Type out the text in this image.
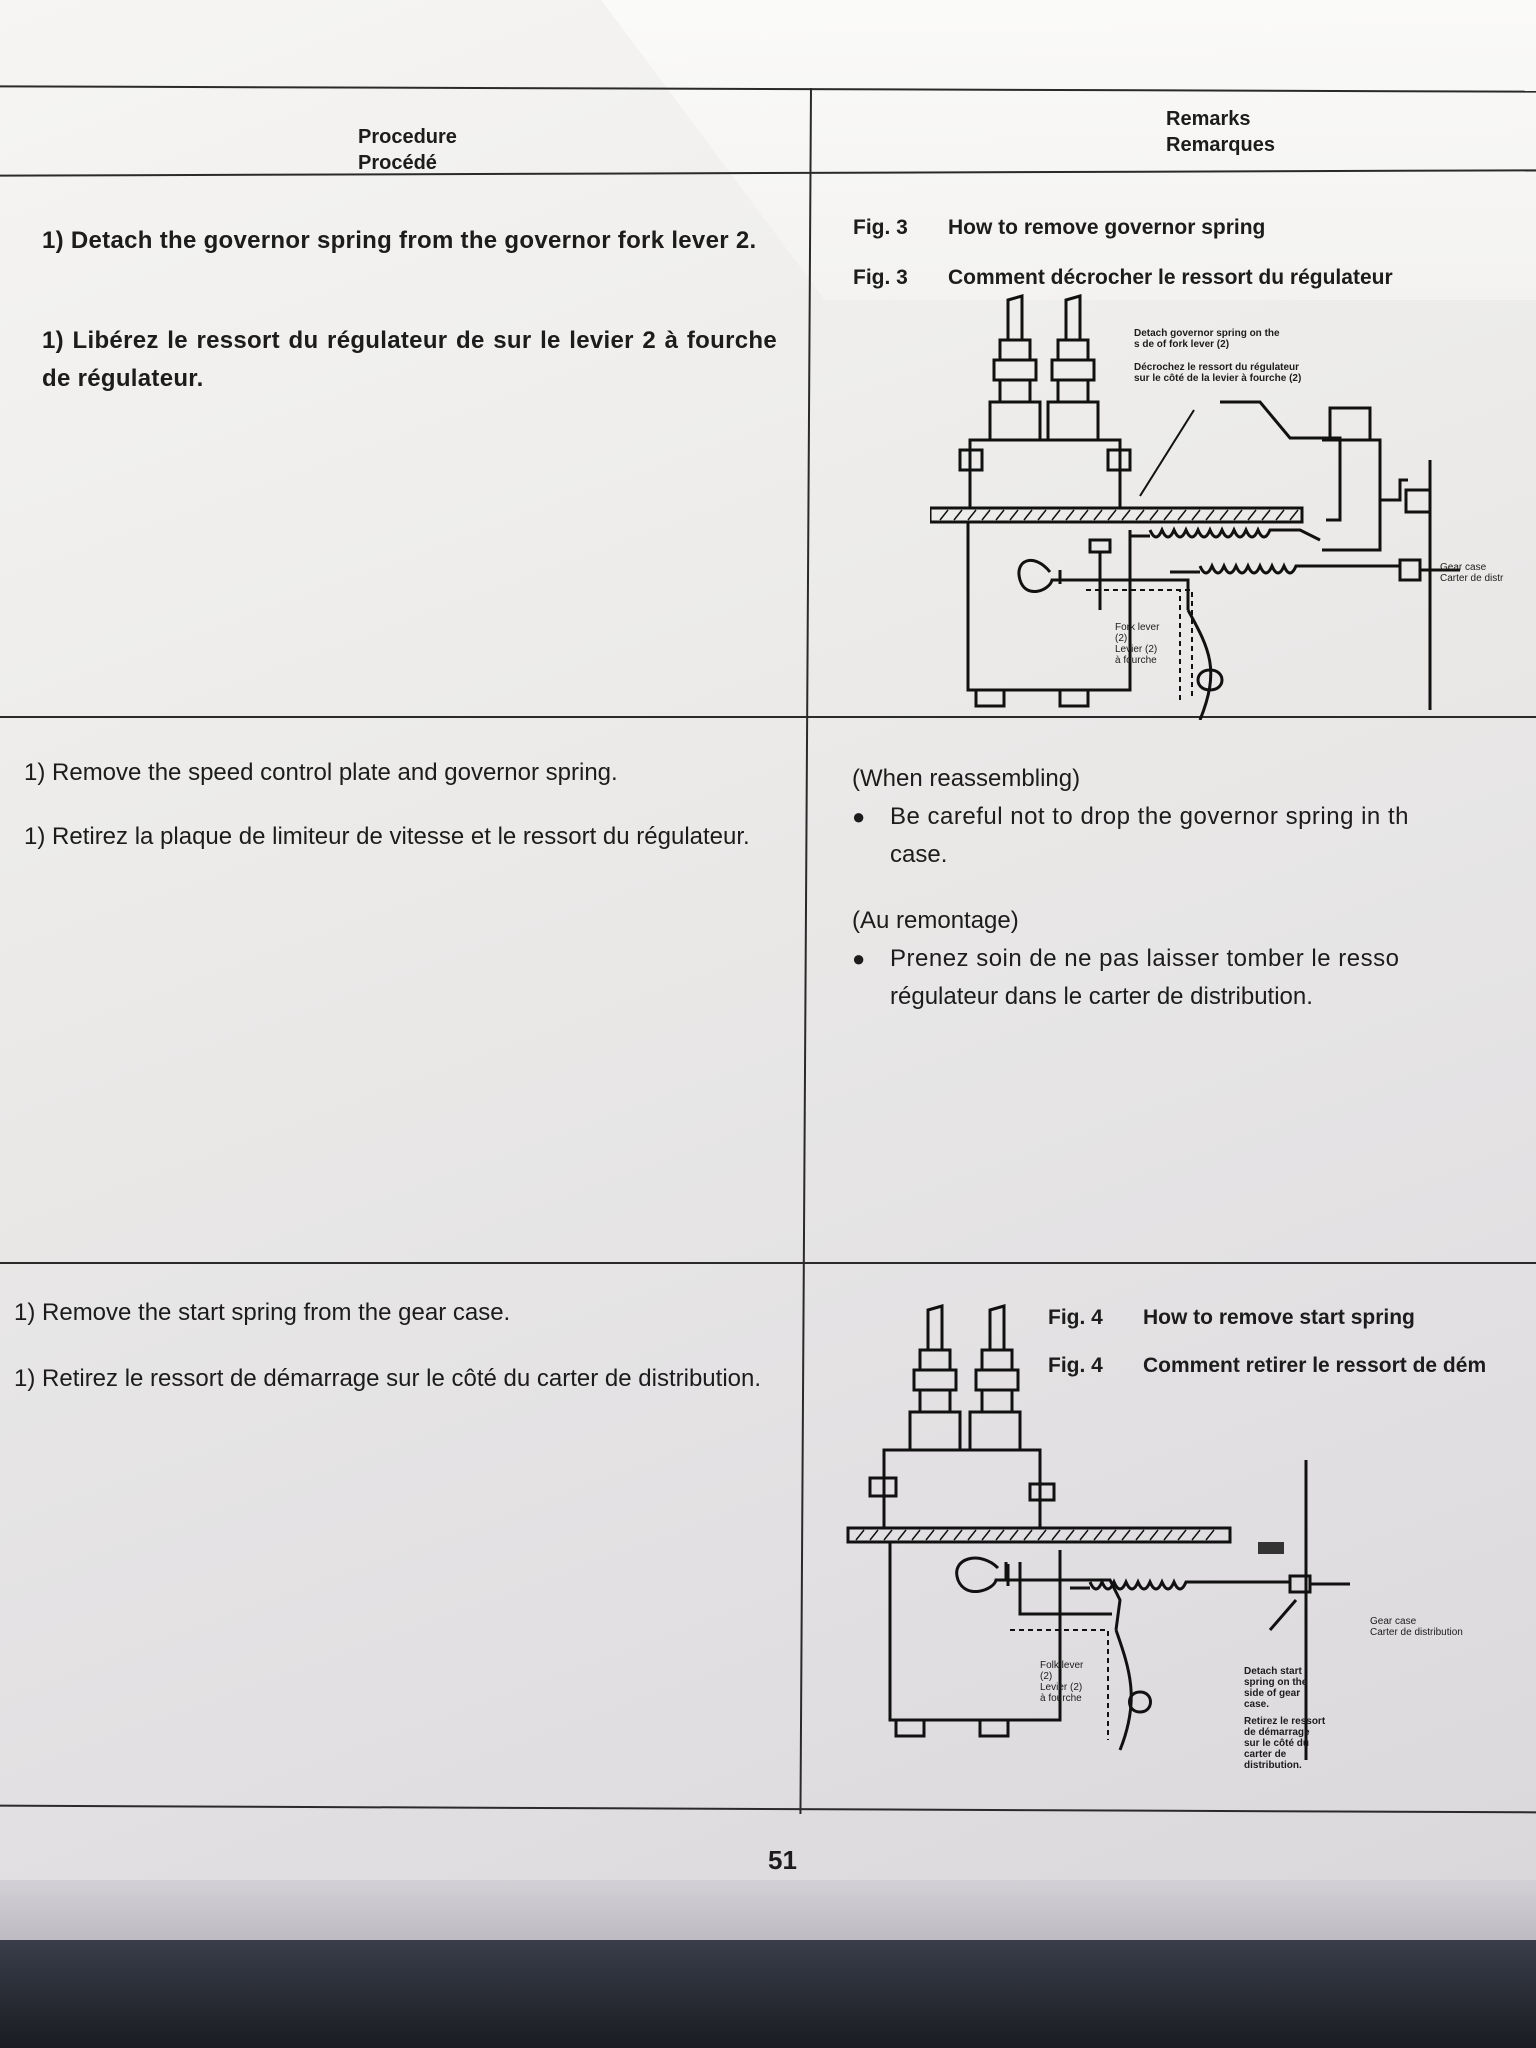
Procedure
Procédé
Remarks
Remarques
1) Detach the governor spring from the governor fork lever 2.
1) Libérez le ressort du régulateur de sur le levier 2 à fourche de régulateur.
Fig. 3 How to remove governor spring
Fig. 3 Comment décrocher le ressort du régulateur
Detach governor spring on the
s de of fork lever (2)
Décrochez le ressort du régulateur
sur le côté de la levier à fourche (2)
Gear case
Carter de distr
Fork lever
(2)
Levier (2)
à fourche
1) Remove the speed control plate and governor spring.
1) Retirez la plaque de limiteur de vitesse et le ressort du régulateur.
(When reassembling)
●	Be careful not to drop the governor spring in th
case.
(Au remontage)
●	Prenez soin de ne pas laisser tomber le resso
régulateur dans le carter de distribution.
1) Remove the start spring from the gear case.
1) Retirez le ressort de démarrage sur le côté du carter de distribution.
Fig. 4 How to remove start spring
Fig. 4 Comment retirer le ressort de dém
Gear case
Carter de distribution
Folk lever
(2)
Levier (2)
à fourche
Detach start
spring on the
side of gear
case.
Retirez le ressort
de démarrage
sur le côté du
carter de
distribution.
51
